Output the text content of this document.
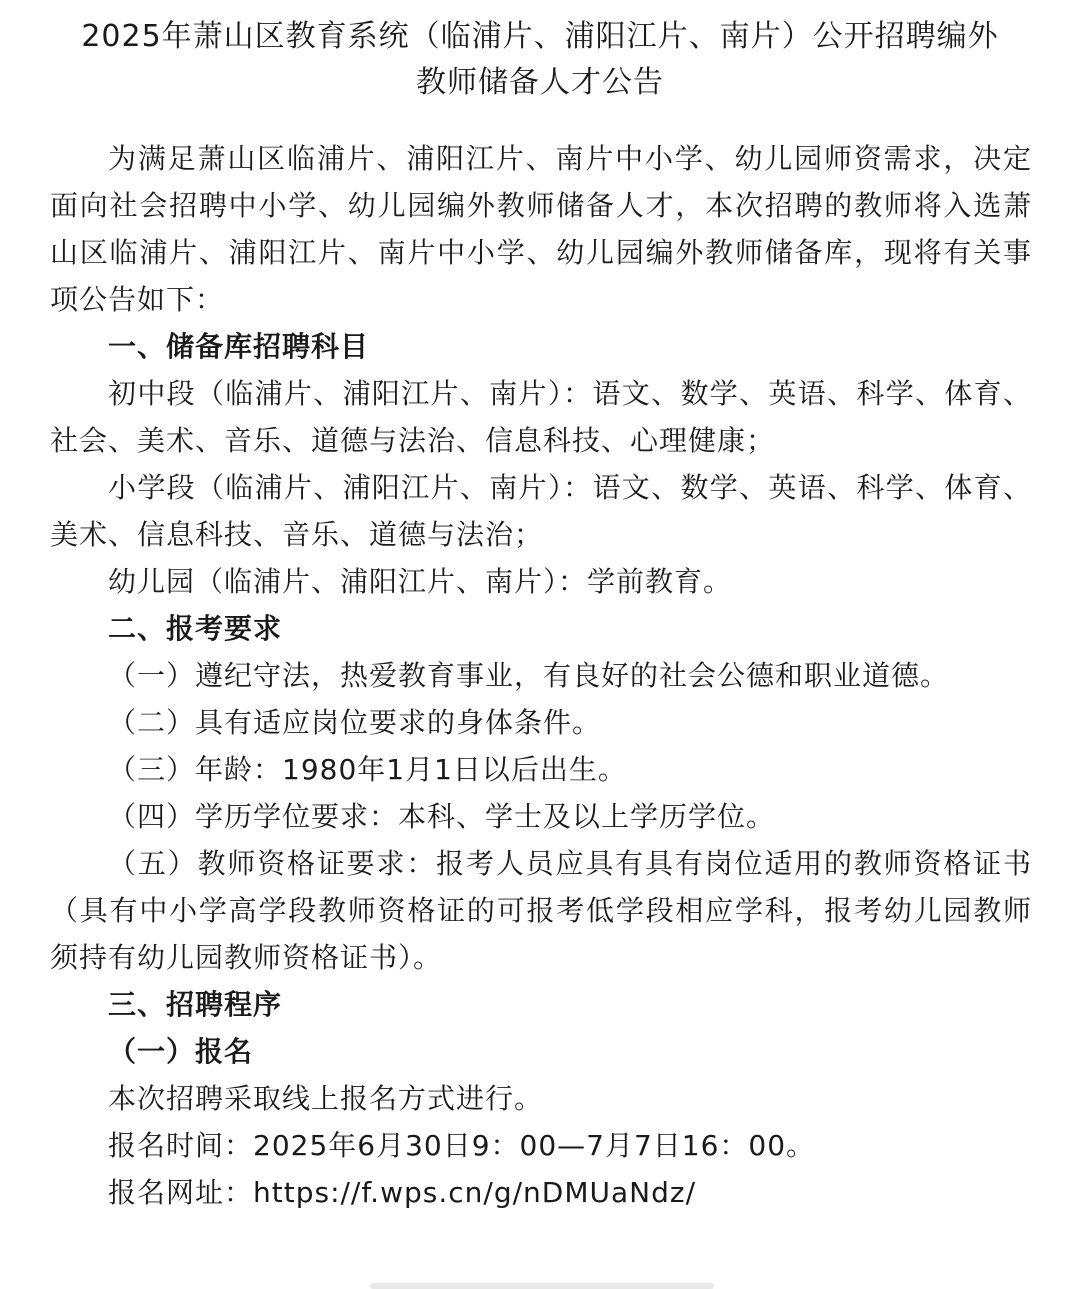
2025年萧山区教育系统（临浦片、浦阳江片、南片）公开招聘编外
教师储备人才公告

为满足萧山区临浦片、浦阳江片、南片中小学、幼儿园师资需求，决定面向社会招聘中小学、幼儿园编外教师储备人才，本次招聘的教师将入选萧山区临浦片、浦阳江片、南片中小学、幼儿园编外教师储备库，现将有关事项公告如下：

一、储备库招聘科目

初中段（临浦片、浦阳江片、南片）：语文、数学、英语、科学、体育、社会、美术、音乐、道德与法治、信息科技、心理健康；

小学段（临浦片、浦阳江片、南片）：语文、数学、英语、科学、体育、美术、信息科技、音乐、道德与法治；

幼儿园（临浦片、浦阳江片、南片）：学前教育。

二、报考要求

（一）遵纪守法，热爱教育事业，有良好的社会公德和职业道德。

（二）具有适应岗位要求的身体条件。

（三）年龄：1980年1月1日以后出生。

（四）学历学位要求：本科、学士及以上学历学位。

（五）教师资格证要求：报考人员应具有具有岗位适用的教师资格证书（具有中小学高学段教师资格证的可报考低学段相应学科，报考幼儿园教师须持有幼儿园教师资格证书）。

三、招聘程序

（一）报名

本次招聘采取线上报名方式进行。

报名时间：2025年6月30日9：00—7月7日16：00。

报名网址：https://f.wps.cn/g/nDMUaNdz/
